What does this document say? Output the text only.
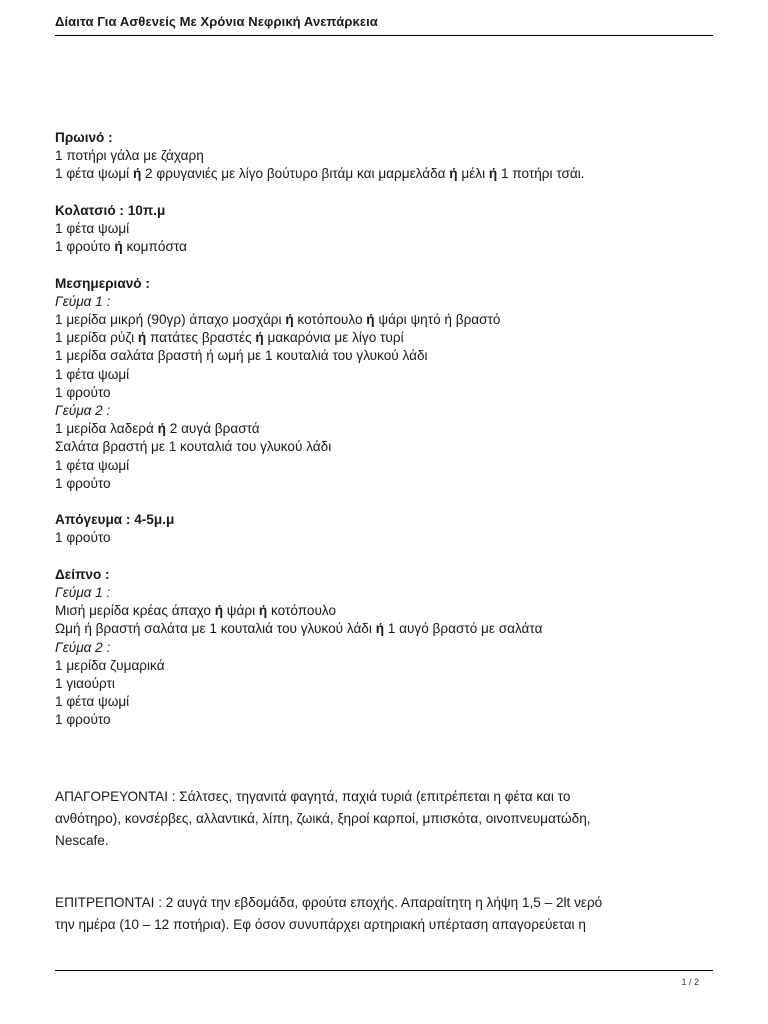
Δίαιτα Για Ασθενείς Με Χρόνια Νεφρική Ανεπάρκεια
Πρωινό :
1 ποτήρι γάλα με ζάχαρη
1 φέτα ψωμί ή 2 φρυγανιές με λίγο βούτυρο βιτάμ και μαρμελάδα ή μέλι ή 1 ποτήρι τσάι.
Κολατσιό : 10π.μ
1 φέτα ψωμί
1 φρούτο ή κομπόστα
Μεσημεριανό :
Γεύμα 1 :
1 μερίδα μικρή (90γρ) άπαχο μοσχάρι ή κοτόπουλο ή ψάρι ψητό ή βραστό
1 μερίδα ρύζι ή πατάτες βραστές ή μακαρόνια με λίγο τυρί
1 μερίδα σαλάτα βραστή ή ωμή με 1 κουταλιά του γλυκού λάδι
1 φέτα ψωμί
1 φρούτο
Γεύμα 2 :
1 μερίδα λαδερά ή 2 αυγά βραστά
Σαλάτα βραστή με 1 κουταλιά του γλυκού λάδι
1 φέτα ψωμί
1 φρούτο
Απόγευμα : 4-5μ.μ
1 φρούτο
Δείπνο :
Γεύμα 1 :
Μισή μερίδα κρέας άπαχο ή ψάρι ή κοτόπουλο
Ωμή ή βραστή σαλάτα με 1 κουταλιά του γλυκού λάδι ή 1 αυγό βραστό με σαλάτα
Γεύμα 2 :
1 μερίδα ζυμαρικά
1 γιαούρτι
1 φέτα ψωμί
1 φρούτο
ΑΠΑΓΟΡΕΥΟΝΤΑΙ : Σάλτσες, τηγανιτά φαγητά, παχιά τυριά (επιτρέπεται η φέτα και το
ανθότηρο), κονσέρβες, αλλαντικά, λίπη, ζωικά, ξηροί καρποί, μπισκότα, οινοπνευματώδη,
Nescafe.
ΕΠΙΤΡΕΠΟΝΤΑΙ : 2 αυγά την εβδομάδα, φρούτα εποχής. Απαραίτητη η λήψη 1,5 – 2lt νερό
την ημέρα (10 – 12 ποτήρια). Εφ όσον συνυπάρχει αρτηριακή υπέρταση απαγορεύεται η
1 / 2
